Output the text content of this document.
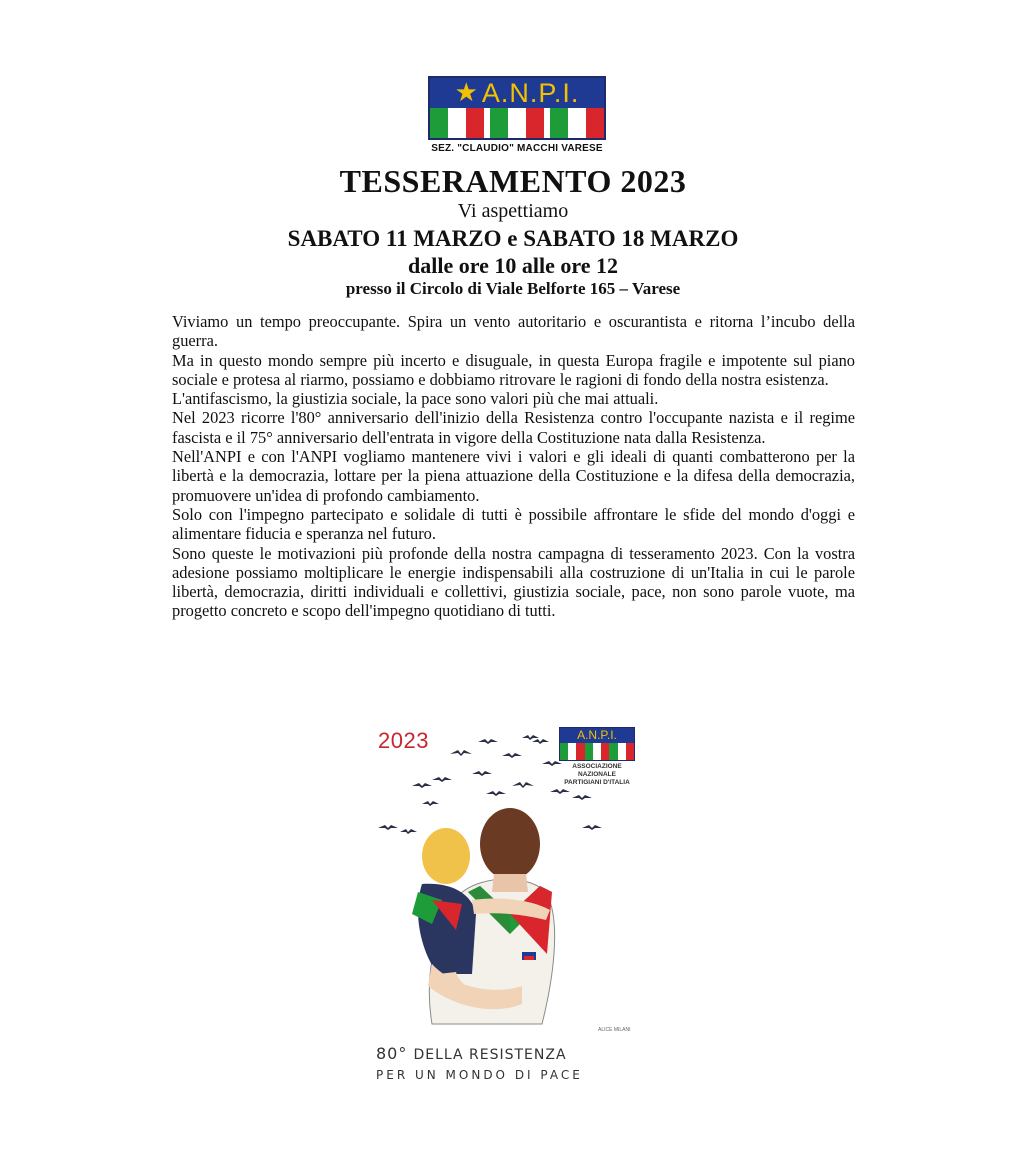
★ A.N.P.I.
SEZ. "CLAUDIO" MACCHI VARESE
TESSERAMENTO 2023
Vi aspettiamo
SABATO 11 MARZO e SABATO 18 MARZO
dalle ore 10 alle ore 12
presso il Circolo di Viale Belforte 165 – Varese

Viviamo un tempo preoccupante. Spira un vento autoritario e oscurantista e ritorna l’incubo della guerra.

Ma in questo mondo sempre più incerto e disuguale, in questa Europa fragile e impotente sul piano sociale e protesa al riarmo, possiamo e dobbiamo ritrovare le ragioni di fondo della nostra esistenza.

L'antifascismo, la giustizia sociale, la pace sono valori più che mai attuali.

Nel 2023 ricorre l'80° anniversario dell'inizio della Resistenza contro l'occupante nazista e il regime fascista e il 75° anniversario dell'entrata in vigore della Costituzione nata dalla Resistenza.

Nell'ANPI e con l'ANPI vogliamo mantenere vivi i valori e gli ideali di quanti combatterono per la libertà e la democrazia, lottare per la piena attuazione della Costituzione e la difesa della democrazia, promuovere un'idea di profondo cambiamento.

Solo con l'impegno partecipato e solidale di tutti è possibile affrontare le sfide del mondo d'oggi e alimentare fiducia e speranza nel futuro.

Sono queste le motivazioni più profonde della nostra campagna di tesseramento 2023. Con la vostra adesione possiamo moltiplicare le energie indispensabili alla costruzione di un'Italia in cui le parole libertà, democrazia, diritti individuali e collettivi, giustizia sociale, pace, non sono parole vuote, ma progetto concreto e scopo dell'impegno quotidiano di tutti.

2023	A.N.P.I.
ASSOCIAZIONE NAZIONALE PARTIGIANI D'ITALIA
ALICE MILANI
80° DELLA RESISTENZA
PER UN MONDO DI PACE
